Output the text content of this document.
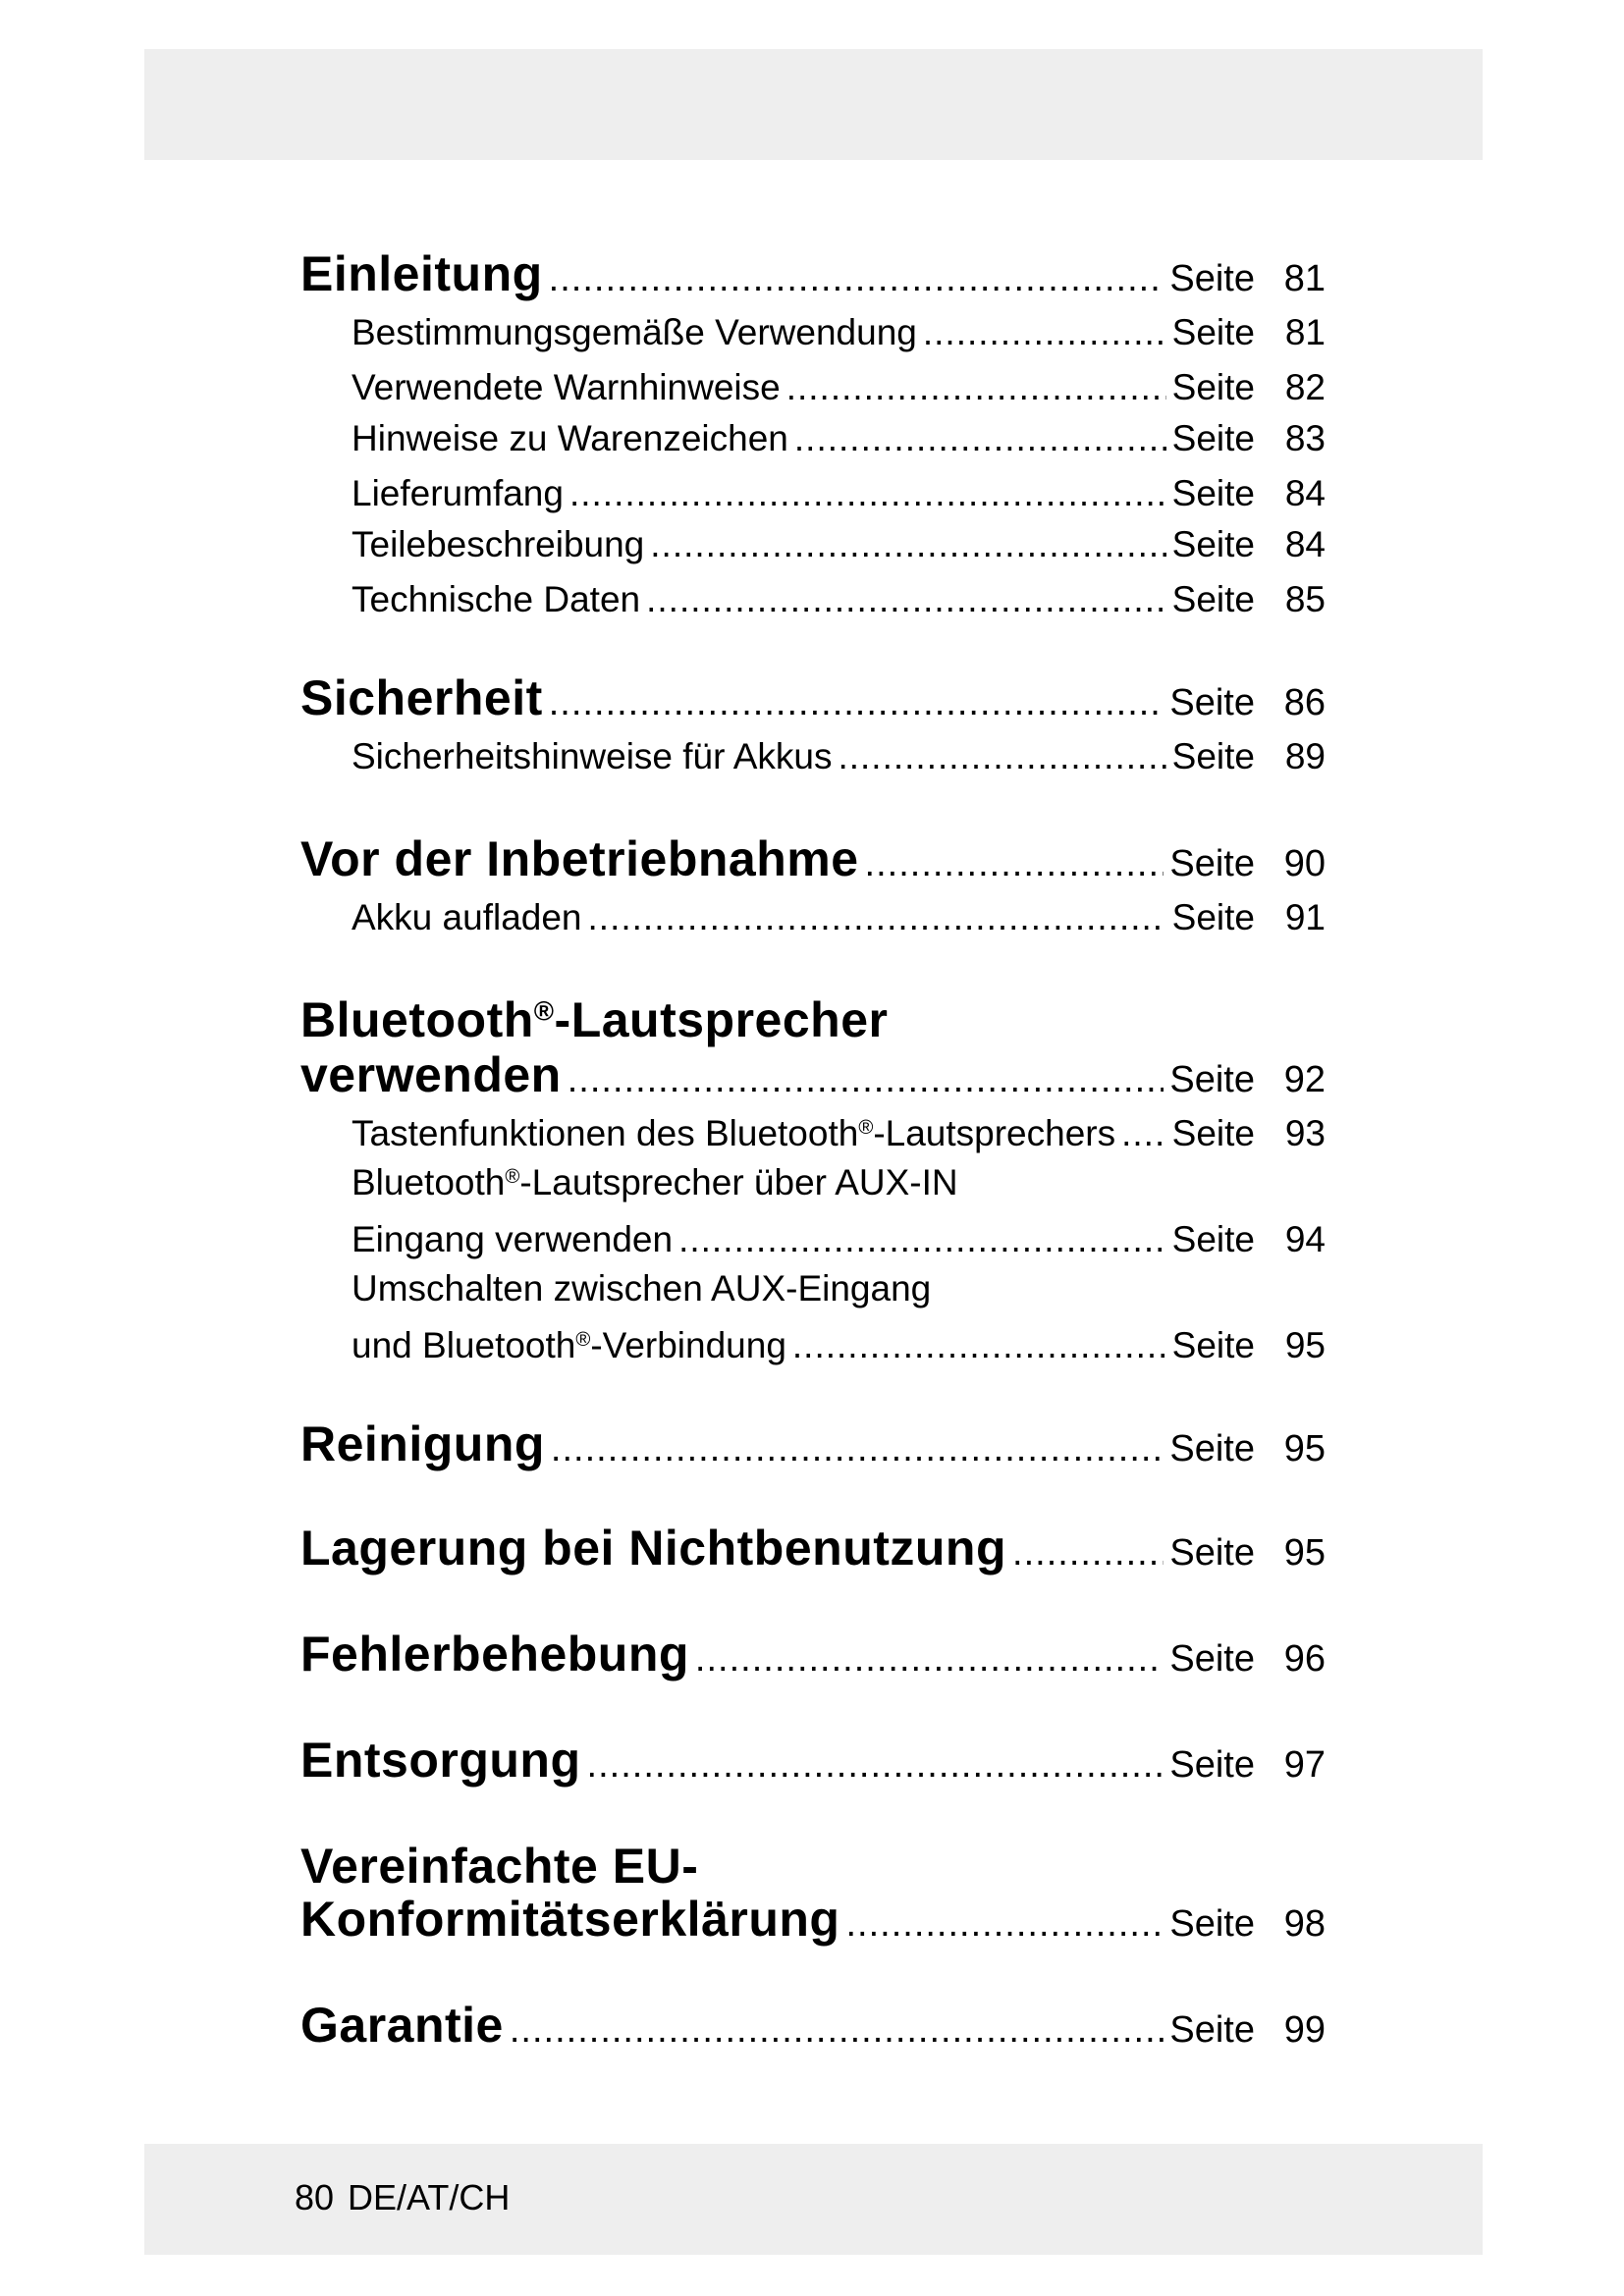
Einleitung .....	Seite 81
Bestimmungsgemäße Verwendung .....	Seite 81
Verwendete Warnhinweise .....	Seite 82
Hinweise zu Warenzeichen .....	Seite 83
Lieferumfang .....	Seite 84
Teilebeschreibung .....	Seite 84
Technische Daten .....	Seite 85
Sicherheit .....	Seite 86
Sicherheitshinweise für Akkus .....	Seite 89
Vor der Inbetriebnahme .....	Seite 90
Akku aufladen .....	Seite 91
Bluetooth®-Lautsprecher
verwenden .....	Seite 92
Tastenfunktionen des Bluetooth®-Lautsprechers ..... Seite 93
Bluetooth®-Lautsprecher über AUX-IN
Eingang verwenden .....	Seite 94
Umschalten zwischen AUX-Eingang
und Bluetooth®-Verbindung .....	Seite 95
Reinigung .....	Seite 95
Lagerung bei Nichtbenutzung .....	Seite 95
Fehlerbehebung .....	Seite 96
Entsorgung .....	Seite 97
Vereinfachte EU-
Konformitätserklärung .....	Seite 98
Garantie .....	Seite 99
80 DE/AT/CH
